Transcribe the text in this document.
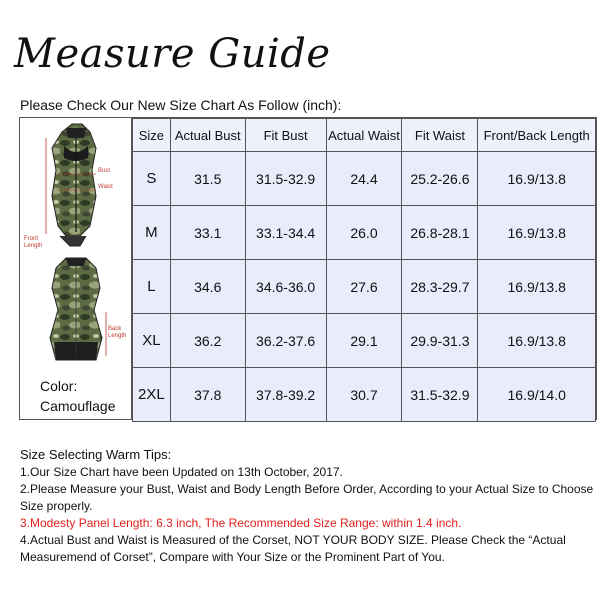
Measure Guide
Please Check Our New Size Chart As Follow (inch):
Bust
Waist
Front Length
Back Length
Color:
Camouflage
Size	Actual Bust	Fit Bust	Actual Waist	Fit Waist	Front/Back Length
S	31.5	31.5-32.9	24.4	25.2-26.6	16.9/13.8
M	33.1	33.1-34.4	26.0	26.8-28.1	16.9/13.8
L	34.6	34.6-36.0	27.6	28.3-29.7	16.9/13.8
XL	36.2	36.2-37.6	29.1	29.9-31.3	16.9/13.8
2XL	37.8	37.8-39.2	30.7	31.5-32.9	16.9/14.0
Size Selecting Warm Tips:
1.Our Size Chart have been Updated on 13th October, 2017.
2.Please Measure your Bust, Waist and Body Length Before Order, According to your Actual Size to Choose Size properly.
3.Modesty Panel Length: 6.3 inch, The Recommended Size Range: within 1.4 inch.
4.Actual Bust and Waist is Measured of the Corset, NOT YOUR BODY SIZE. Please Check the “Actual Measuremend of Corset”, Compare with Your Size or the Prominent Part of You.
